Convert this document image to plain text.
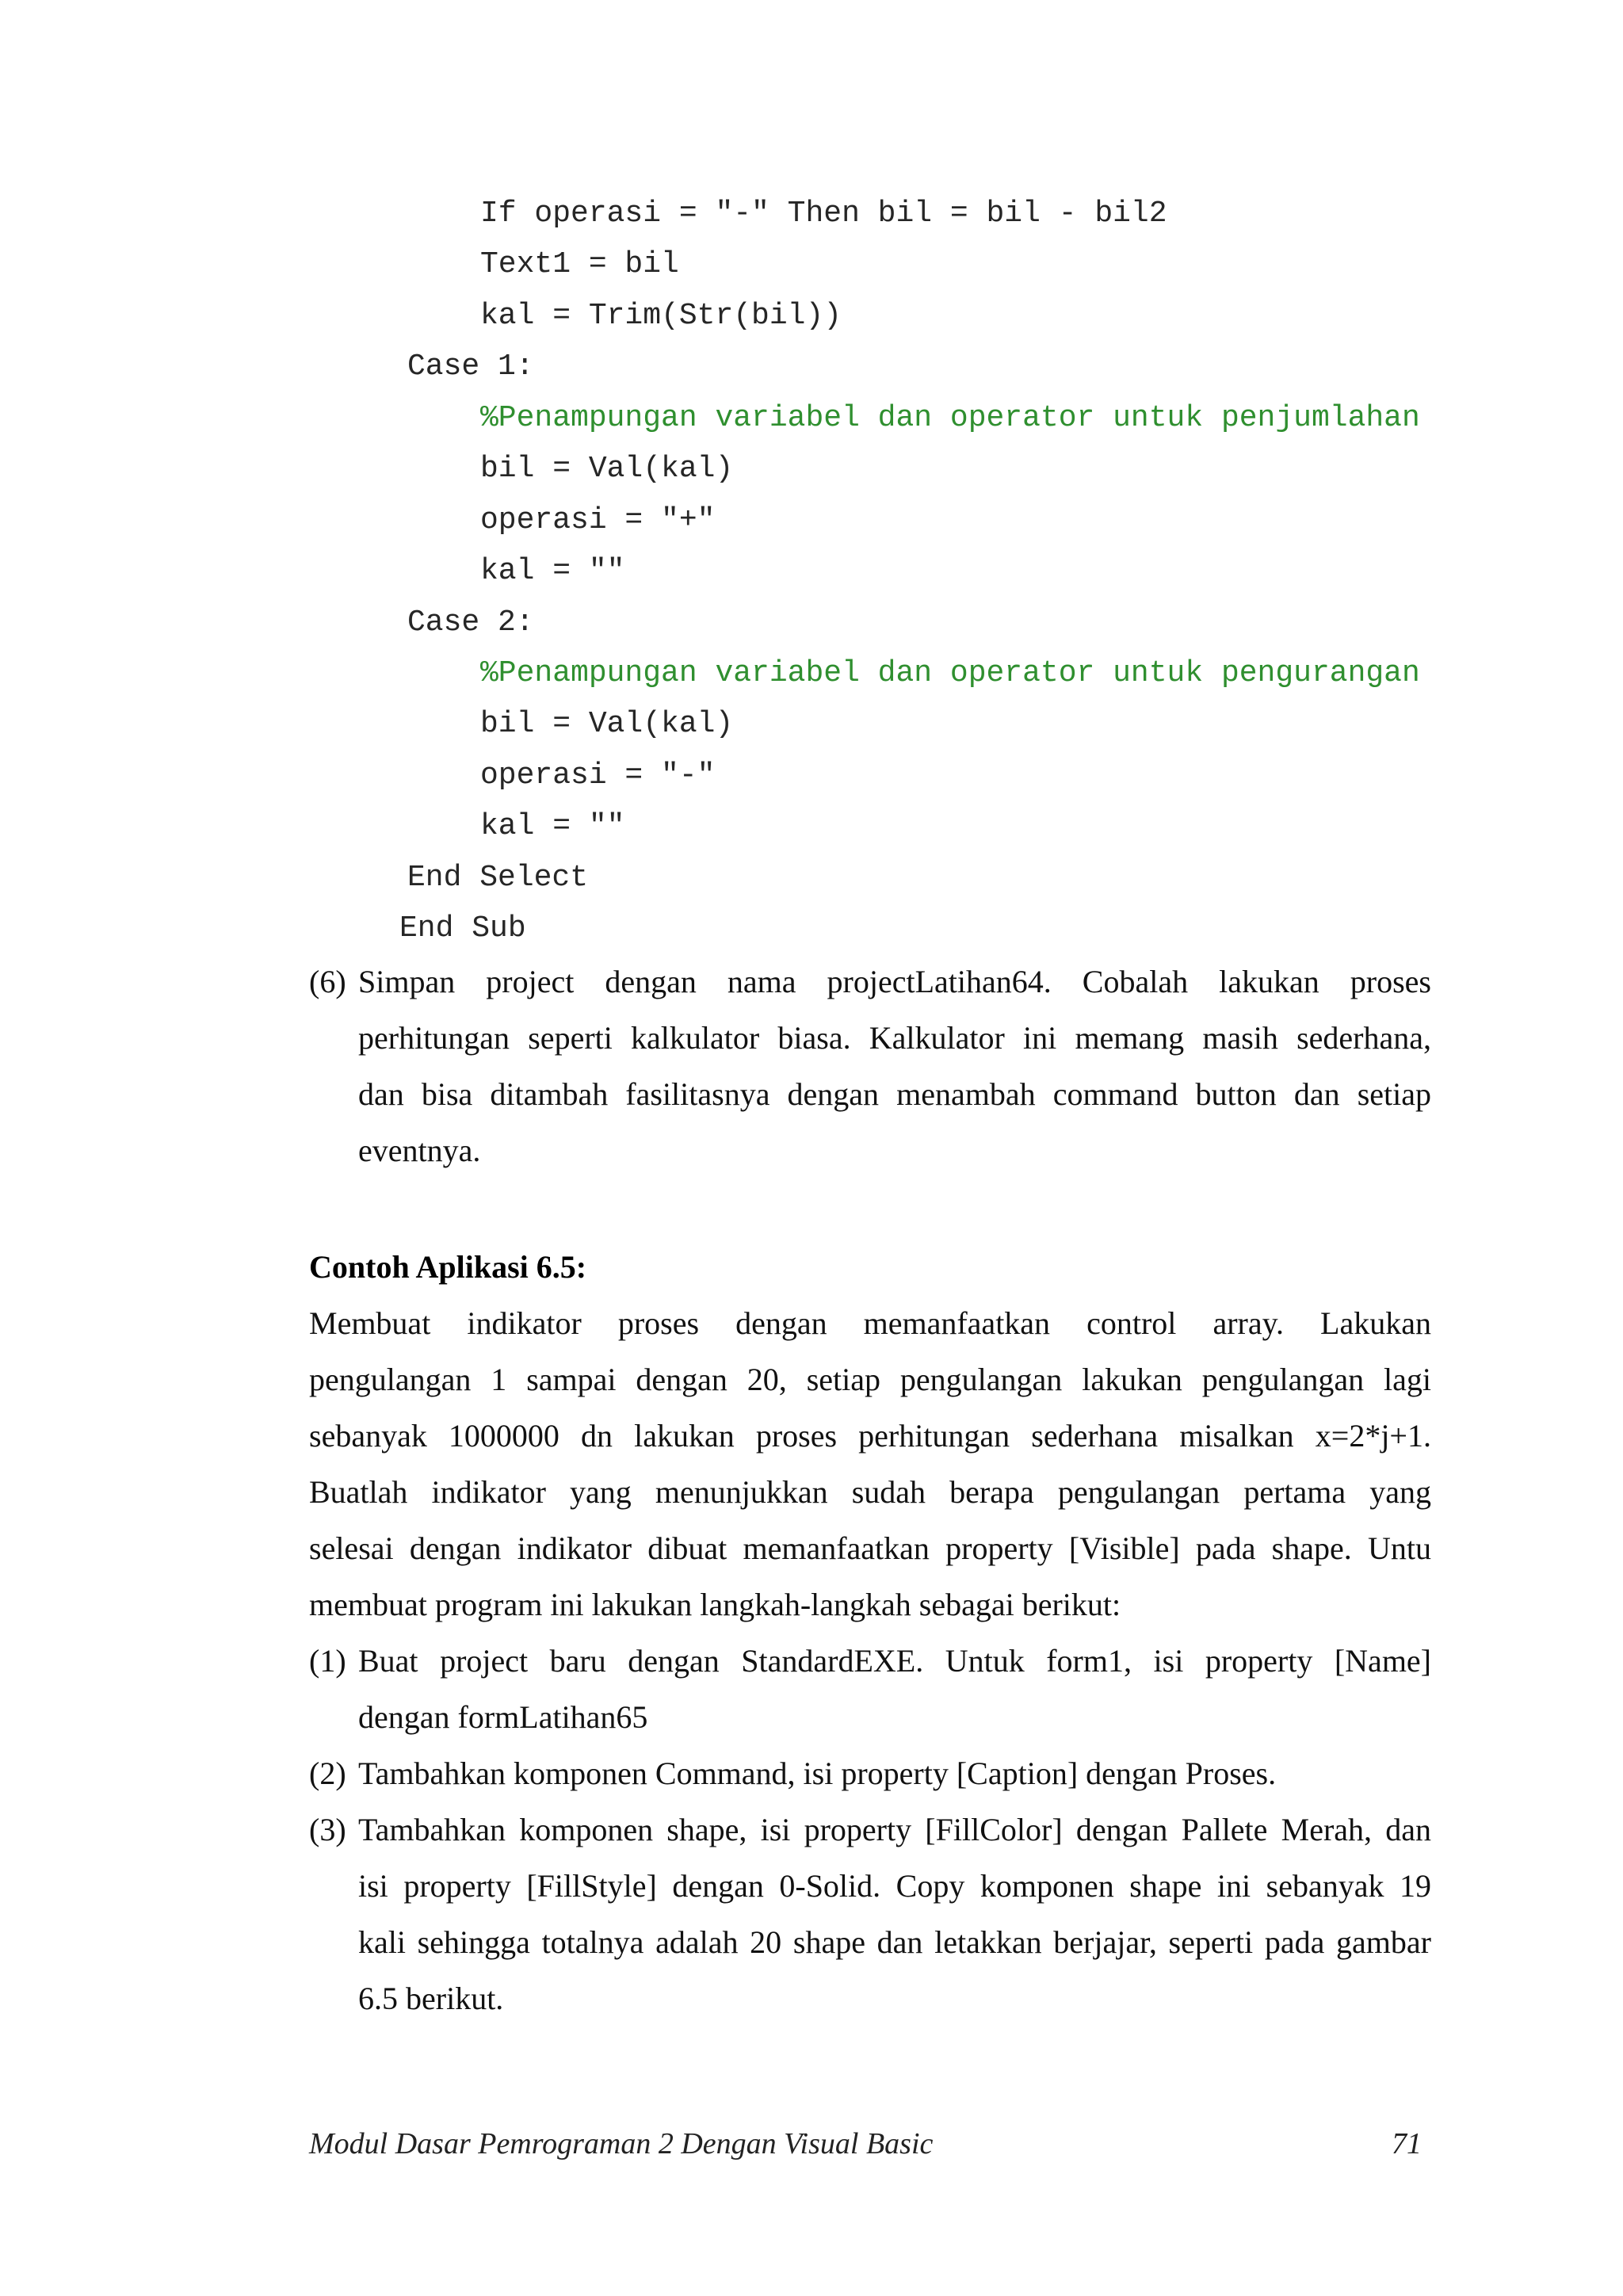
If operasi = "-" Then bil = bil - bil2
Text1 = bil
kal = Trim(Str(bil))
Case 1:
%Penampungan variabel dan operator untuk penjumlahan
bil = Val(kal)
operasi = "+"
kal = ""
Case 2:
%Penampungan variabel dan operator untuk pengurangan
bil = Val(kal)
operasi = "-"
kal = ""
End Select
End Sub
(6) Simpan project dengan nama projectLatihan64. Cobalah lakukan proses
perhitungan seperti kalkulator biasa. Kalkulator ini memang masih sederhana,
dan bisa ditambah fasilitasnya dengan menambah command button dan setiap
eventnya.
Contoh Aplikasi 6.5:
Membuat indikator proses dengan memanfaatkan control array. Lakukan
pengulangan 1 sampai dengan 20, setiap pengulangan lakukan pengulangan lagi
sebanyak 1000000 dn lakukan proses perhitungan sederhana misalkan x=2*j+1.
Buatlah indikator yang menunjukkan sudah berapa pengulangan pertama yang
selesai dengan indikator dibuat memanfaatkan property [Visible] pada shape. Untu
membuat program ini lakukan langkah-langkah sebagai berikut:
(1) Buat project baru dengan StandardEXE. Untuk form1, isi property [Name]
dengan formLatihan65
(2) Tambahkan komponen Command, isi property [Caption] dengan Proses.
(3) Tambahkan komponen shape, isi property [FillColor] dengan Pallete Merah, dan
isi property [FillStyle] dengan 0-Solid. Copy komponen shape ini sebanyak 19
kali sehingga totalnya adalah 20 shape dan letakkan berjajar, seperti pada gambar
6.5 berikut.
Modul Dasar Pemrograman 2 Dengan Visual Basic	71
